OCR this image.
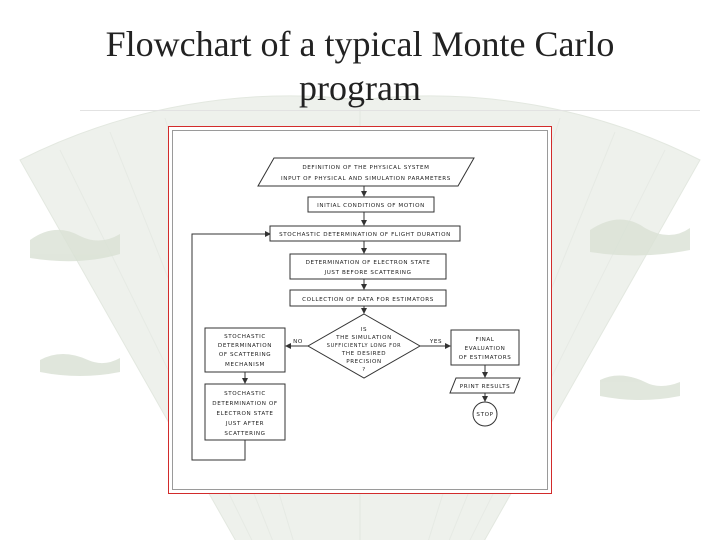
Flowchart of a typical Monte Carlo
program
DEFINITION OF THE PHYSICAL SYSTEM
INPUT OF PHYSICAL AND SIMULATION PARAMETERS
INITIAL CONDITIONS OF MOTION
STOCHASTIC DETERMINATION OF FLIGHT DURATION
DETERMINATION OF ELECTRON STATE
JUST BEFORE SCATTERING
COLLECTION OF DATA FOR ESTIMATORS
IS
THE SIMULATION
SUFFICIENTLY LONG FOR
THE DESIRED
PRECISION
?
NO	YES
STOCHASTIC
DETERMINATION
OF SCATTERING
MECHANISM
STOCHASTIC
DETERMINATION OF
ELECTRON STATE
JUST AFTER
SCATTERING
FINAL
EVALUATION
OF ESTIMATORS
PRINT RESULTS
STOP
